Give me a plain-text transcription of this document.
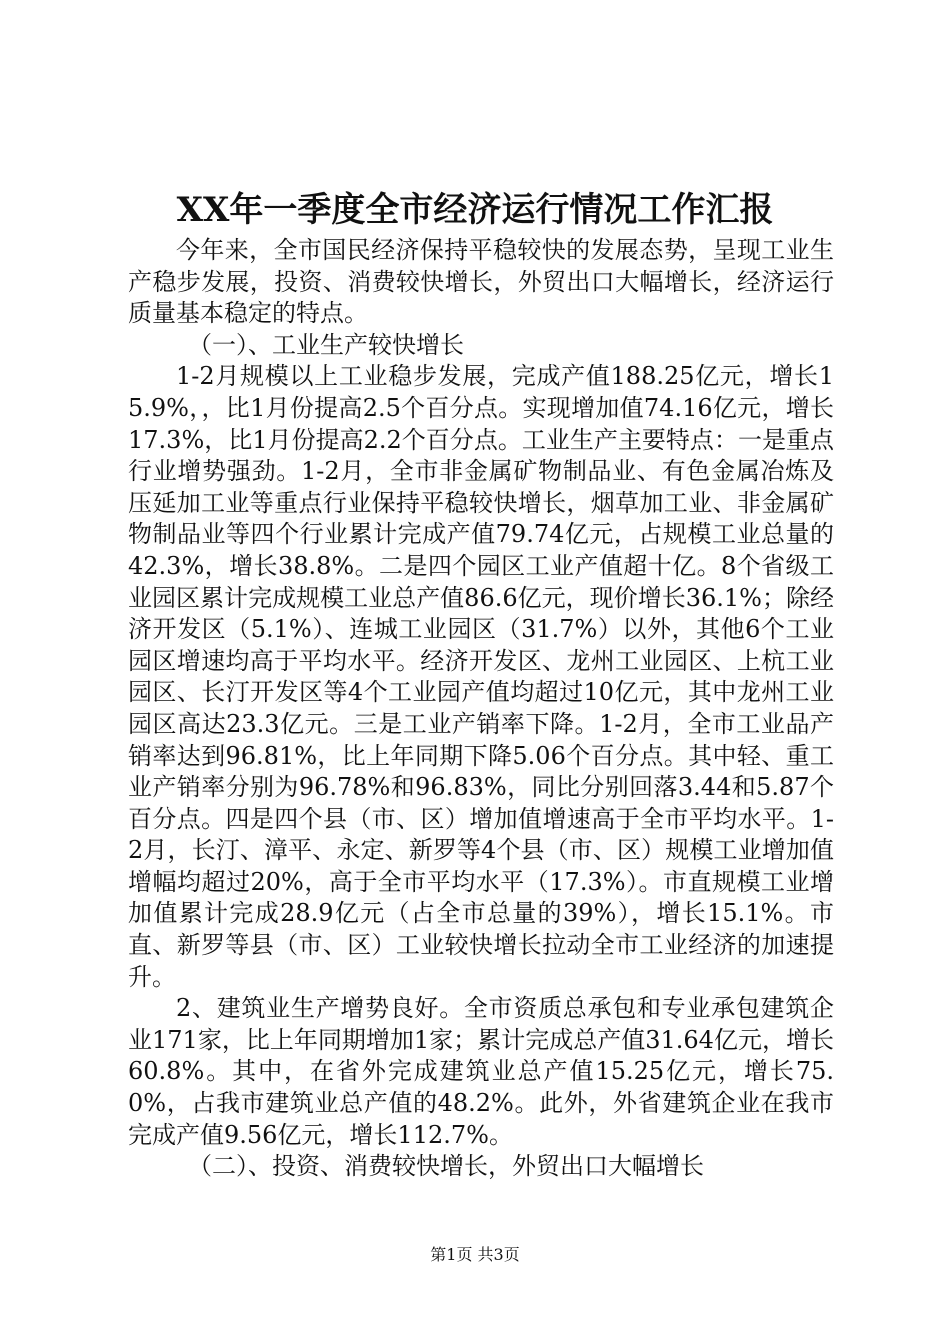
XX年一季度全市经济运行情况工作汇报

今年来，全市国民经济保持平稳较快的发展态势，呈现工业生产稳步发展，投资、消费较快增长，外贸出口大幅增长，经济运行质量基本稳定的特点。

（一）、工业生产较快增长

1-2月规模以上工业稳步发展，完成产值188.25亿元，增长15.9%，，比1月份提高2.5个百分点。实现增加值74.16亿元，增长17.3%，比1月份提高2.2个百分点。工业生产主要特点：一是重点行业增势强劲。1-2月，全市非金属矿物制品业、有色金属冶炼及压延加工业等重点行业保持平稳较快增长，烟草加工业、非金属矿物制品业等四个行业累计完成产值79.74亿元，占规模工业总量的42.3%，增长38.8%。二是四个园区工业产值超十亿。8个省级工业园区累计完成规模工业总产值86.6亿元，现价增长36.1%；除经济开发区（5.1%）、连城工业园区（31.7%）以外，其他6个工业园区增速均高于平均水平。经济开发区、龙州工业园区、上杭工业园区、长汀开发区等4个工业园产值均超过10亿元，其中龙州工业园区高达23.3亿元。三是工业产销率下降。1-2月，全市工业品产销率达到96.81%，比上年同期下降5.06个百分点。其中轻、重工业产销率分别为96.78%和96.83%，同比分别回落3.44和5.87个百分点。四是四个县（市、区）增加值增速高于全市平均水平。1-2月，长汀、漳平、永定、新罗等4个县（市、区）规模工业增加值增幅均超过20%，高于全市平均水平（17.3%）。市直规模工业增加值累计完成28.9亿元（占全市总量的39%），增长15.1%。市直、新罗等县（市、区）工业较快增长拉动全市工业经济的加速提升。

2、建筑业生产增势良好。全市资质总承包和专业承包建筑企业171家，比上年同期增加1家；累计完成总产值31.64亿元，增长60.8%。其中，在省外完成建筑业总产值15.25亿元，增长75.0%，占我市建筑业总产值的48.2%。此外，外省建筑企业在我市完成产值9.56亿元，增长112.7%。

（二）、投资、消费较快增长，外贸出口大幅增长

第1页 共3页
